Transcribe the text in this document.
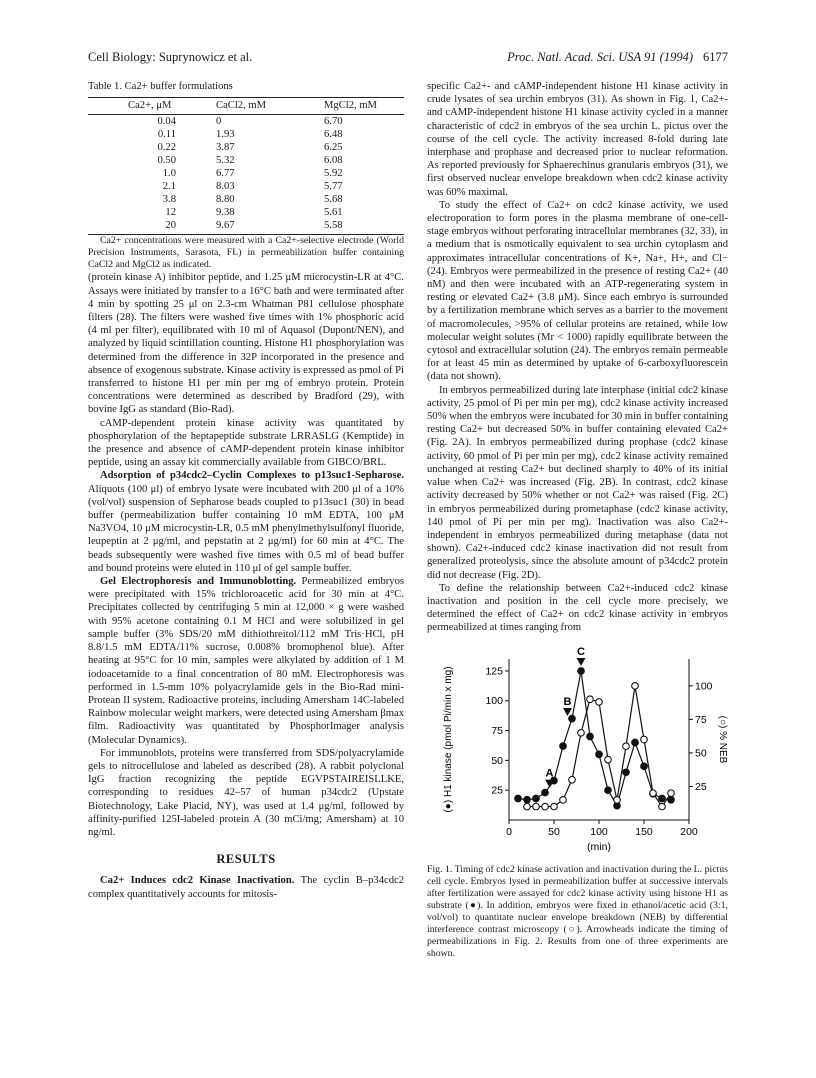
Cell Biology: Suprynowicz et al.	Proc. Natl. Acad. Sci. USA 91 (1994) 6177
Table 1. Ca2+ buffer formulations
Ca2+, μM	CaCl2, mM	MgCl2, mM
0.04	0	6.70
0.11	1.93	6.48
0.22	3.87	6.25
0.50	5.32	6.08
1.0	6.77	5.92
2.1	8.03	5.77
3.8	8.80	5.68
12	9.38	5.61
20	9.67	5.58

Ca2+ concentrations were measured with a Ca2+-selective electrode (World Precision Instruments, Sarasota, FL) in permeabilization buffer containing CaCl2 and MgCl2 as indicated.

(protein kinase A) inhibitor peptide, and 1.25 μM microcystin-LR at 4°C. Assays were initiated by transfer to a 16°C bath and were terminated after 4 min by spotting 25 μl on 2.3-cm Whatman P81 cellulose phosphate filters (28). The filters were washed five times with 1% phosphoric acid (4 ml per filter), equilibrated with 10 ml of Aquasol (Dupont/NEN), and analyzed by liquid scintillation counting. Histone H1 phosphorylation was determined from the difference in 32P incorporated in the presence and absence of exogenous substrate. Kinase activity is expressed as pmol of Pi transferred to histone H1 per min per mg of embryo protein. Protein concentrations were determined as described by Bradford (29), with bovine IgG as standard (Bio-Rad).

cAMP-dependent protein kinase activity was quantitated by phosphorylation of the heptapeptide substrate LRRASLG (Kemptide) in the presence and absence of cAMP-dependent protein kinase inhibitor peptide, using an assay kit commercially available from GIBCO/BRL.

Adsorption of p34cdc2–Cyclin Complexes to p13suc1-Sepharose. Aliquots (100 μl) of embryo lysate were incubated with 200 μl of a 10% (vol/vol) suspension of Sepharose beads coupled to p13suc1 (30) in bead buffer (permeabilization buffer containing 10 mM EDTA, 100 μM Na3VO4, 10 μM microcystin-LR, 0.5 mM phenylmethylsulfonyl fluoride, leupeptin at 2 μg/ml, and pepstatin at 2 μg/ml) for 60 min at 4°C. The beads subsequently were washed five times with 0.5 ml of bead buffer and bound proteins were eluted in 110 μl of gel sample buffer.

Gel Electrophoresis and Immunoblotting. Permeabilized embryos were precipitated with 15% trichloroacetic acid for 30 min at 4°C. Precipitates collected by centrifuging 5 min at 12,000 × g were washed with 95% acetone containing 0.1 M HCl and were solubilized in gel sample buffer (3% SDS/20 mM dithiothreitol/112 mM Tris·HCl, pH 8.8/1.5 mM EDTA/11% sucrose, 0.008% bromophenol blue). After heating at 95°C for 10 min, samples were alkylated by addition of 1 M iodoacetamide to a final concentration of 80 mM. Electrophoresis was performed in 1.5-mm 10% polyacrylamide gels in the Bio-Rad mini-Protean II system. Radioactive proteins, including Amersham 14C-labeled Rainbow molecular weight markers, were detected using Amersham βmax film. Radioactivity was quantitated by PhosphorImager analysis (Molecular Dynamics).

For immunoblots, proteins were transferred from SDS/polyacrylamide gels to nitrocellulose and labeled as described (28). A rabbit polyclonal IgG fraction recognizing the peptide EGVPSTAIREISLLKE, corresponding to residues 42–57 of human p34cdc2 (Upstate Biotechnology, Lake Placid, NY), was used at 1.4 μg/ml, followed by affinity-purified 125I-labeled protein A (30 mCi/mg; Amersham) at 10 ng/ml.

RESULTS

Ca2+ Induces cdc2 Kinase Inactivation. The cyclin B–p34cdc2 complex quantitatively accounts for mitosis-

specific Ca2+- and cAMP-independent histone H1 kinase activity in crude lysates of sea urchin embryos (31). As shown in Fig. 1, Ca2+- and cAMP-independent histone H1 kinase activity cycled in a manner characteristic of cdc2 in embryos of the sea urchin L. pictus over the course of the cell cycle. The activity increased 8-fold during late interphase and prophase and decreased prior to nuclear reformation. As reported previously for Sphaerechinus granularis embryos (31), we first observed nuclear envelope breakdown when cdc2 kinase activity was 60% maximal.

To study the effect of Ca2+ on cdc2 kinase activity, we used electroporation to form pores in the plasma membrane of one-cell-stage embryos without perforating intracellular membranes (32, 33), in a medium that is osmotically equivalent to sea urchin cytoplasm and approximates intracellular concentrations of K+, Na+, H+, and Cl− (24). Embryos were permeabilized in the presence of resting Ca2+ (40 nM) and then were incubated with an ATP-regenerating system in resting or elevated Ca2+ (3.8 μM). Since each embryo is surrounded by a fertilization membrane which serves as a barrier to the movement of macromolecules, >95% of cellular proteins are retained, while low molecular weight solutes (Mr < 1000) rapidly equilibrate between the cytosol and extracellular solution (24). The embryos remain permeable for at least 45 min as determined by uptake of 6-carboxyfluorescein (data not shown).

In embryos permeabilized during late interphase (initial cdc2 kinase activity, 25 pmol of Pi per min per mg), cdc2 kinase activity increased 50% when the embryos were incubated for 30 min in buffer containing resting Ca2+ but decreased 50% in buffer containing elevated Ca2+ (Fig. 2A). In embryos permeabilized during prophase (cdc2 kinase activity, 60 pmol of Pi per min per mg), cdc2 kinase activity remained unchanged at resting Ca2+ but declined sharply to 40% of its initial value when Ca2+ was increased (Fig. 2B). In contrast, cdc2 kinase activity decreased by 50% whether or not Ca2+ was raised (Fig. 2C) in embryos permeabilized during prometaphase (cdc2 kinase activity, 140 pmol of Pi per min per mg). Inactivation was also Ca2+-independent in embryos permeabilized during metaphase (data not shown). Ca2+-induced cdc2 kinase inactivation did not result from generalized proteolysis, since the absolute amount of p34cdc2 protein did not decrease (Fig. 2D).

To define the relationship between Ca2+-induced cdc2 kinase inactivation and position in the cell cycle more precisely, we determined the effect of Ca2+ on cdc2 kinase activity in embryos permeabilized at times ranging from

0	50	100	150	200
(min)
25
50
75
100
125
25
50
75
100
(●) H1 kinase (pmol Pi/min x mg)	(○) % NEB
A
B
C
Fig. 1. Timing of cdc2 kinase activation and inactivation during the L. pictus cell cycle. Embryos lysed in permeabilization buffer at successive intervals after fertilization were assayed for cdc2 kinase activity using histone H1 as substrate (●). In addition, embryos were fixed in ethanol/acetic acid (3:1, vol/vol) to quantitate nuclear envelope breakdown (NEB) by differential interference contrast microscopy (○). Arrowheads indicate the timing of permeabilizations in Fig. 2. Results from one of three experiments are shown.
